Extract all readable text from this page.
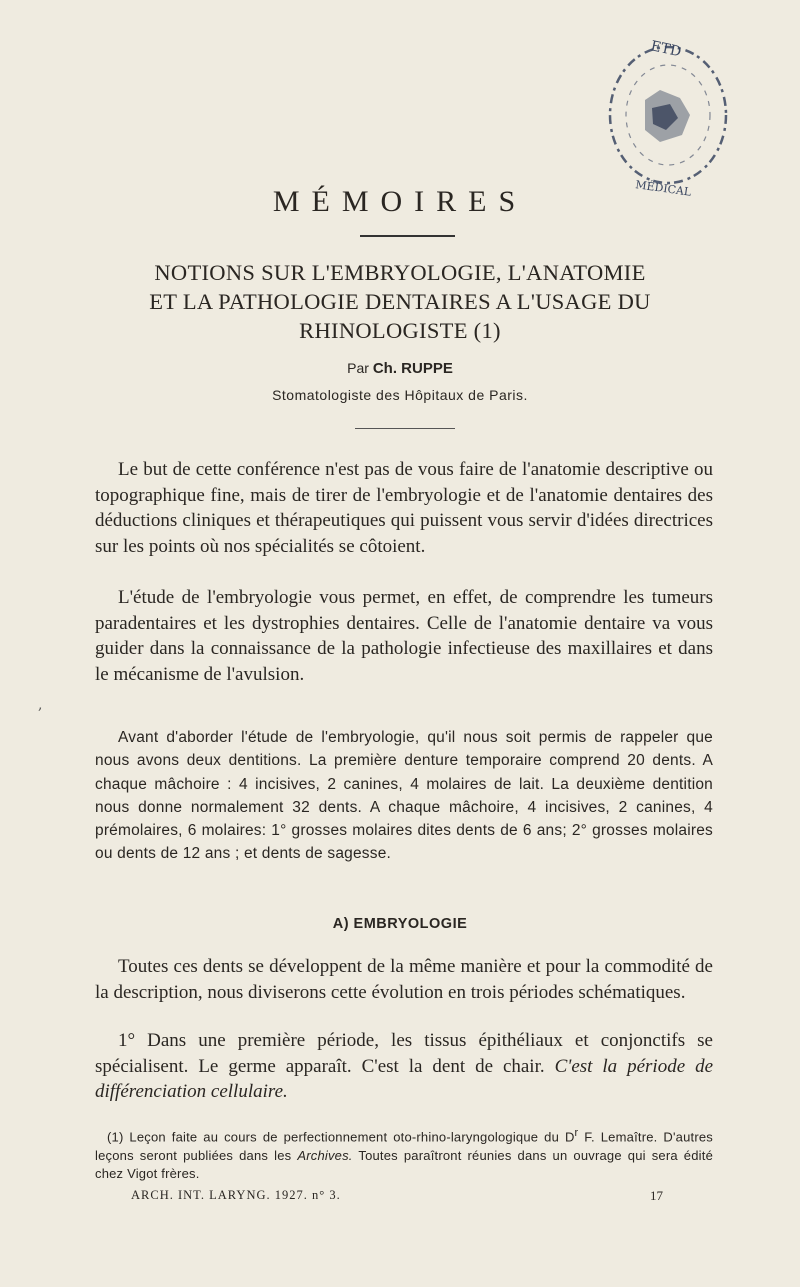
ETD
MÉDICAL
MÉMOIRES
NOTIONS SUR L'EMBRYOLOGIE, L'ANATOMIE
ET LA PATHOLOGIE DENTAIRES A L'USAGE DU
RHINOLOGISTE (1)
Par Ch. RUPPE
Stomatologiste des Hôpitaux de Paris.

Le but de cette conférence n'est pas de vous faire de l'anatomie descriptive ou topographique fine, mais de tirer de l'embryologie et de l'anatomie dentaires des déductions cliniques et thérapeutiques qui puissent vous servir d'idées directrices sur les points où nos spécialités se côtoient.

L'étude de l'embryologie vous permet, en effet, de comprendre les tumeurs paradentaires et les dystrophies dentaires. Celle de l'anatomie dentaire va vous guider dans la connaissance de la pathologie infectieuse des maxillaires et dans le mécanisme de l'avulsion.

,

Avant d'aborder l'étude de l'embryologie, qu'il nous soit permis de rappeler que nous avons deux dentitions. La première denture temporaire comprend 20 dents. A chaque mâchoire : 4 incisives, 2 canines, 4 molaires de lait. La deuxième dentition nous donne normalement 32 dents. A chaque mâchoire, 4 incisives, 2 canines, 4 prémolaires, 6 molaires: 1° grosses molaires dites dents de 6 ans; 2° grosses molaires ou dents de 12 ans ; et dents de sagesse.

A) EMBRYOLOGIE

Toutes ces dents se développent de la même manière et pour la commodité de la description, nous diviserons cette évolution en trois périodes schématiques.

1° Dans une première période, les tissus épithéliaux et conjonctifs se spécialisent. Le germe apparaît. C'est la dent de chair. C'est la période de différenciation cellulaire.

(1) Leçon faite au cours de perfectionnement oto-rhino-laryngologique du $D^r$ F. Lemaître. D'autres leçons seront publiées dans les Archives. Toutes paraîtront réunies dans un ouvrage qui sera édité chez Vigot frères.

ARCH. INT. LARYNG. 1927. n° 3.	17
